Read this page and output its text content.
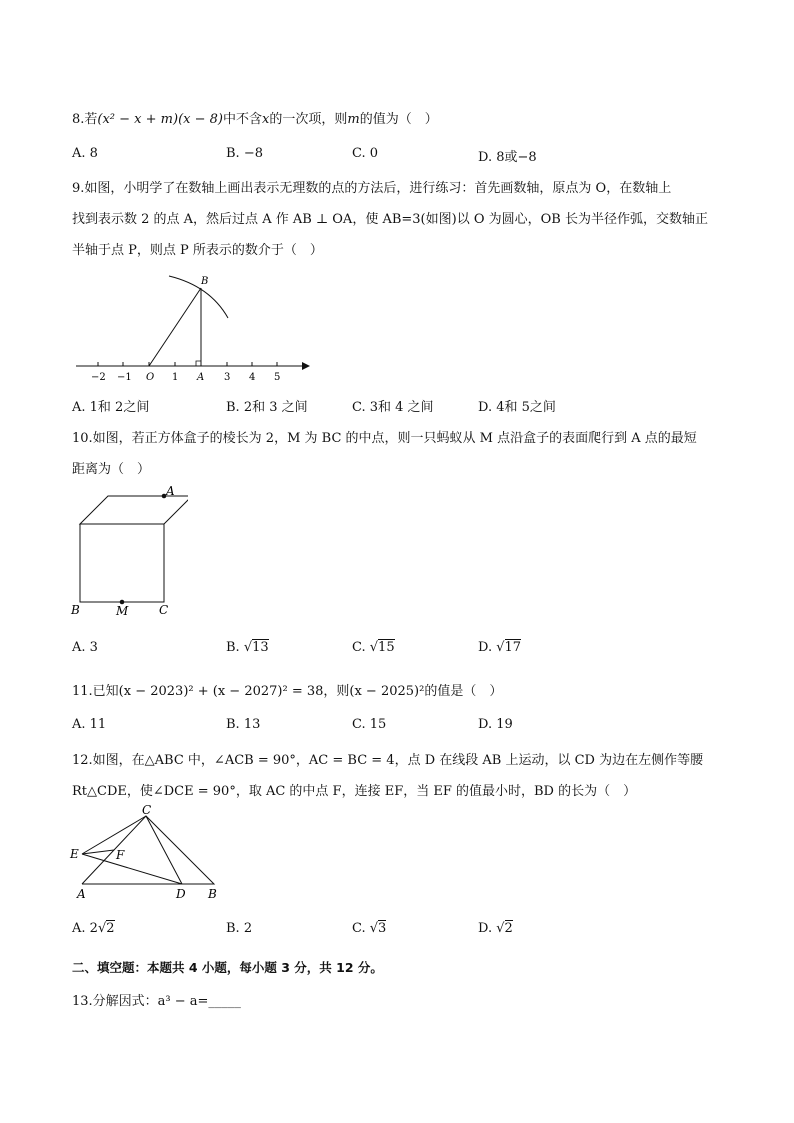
8.若(x² − x + m)(x − 8)中不含x的一次项，则m的值为（　）
A. 8	B. −8	C. 0	D. 8或−8
9.如图，小明学了在数轴上画出表示无理数的点的方法后，进行练习：首先画数轴，原点为 O，在数轴上
找到表示数 2 的点 A，然后过点 A 作 AB ⊥ OA，使 AB=3(如图)以 O 为圆心，OB 长为半径作弧，交数轴正
半轴于点 P，则点 P 所表示的数介于（　）
B
−2 −1 O 1 A 3 4 5
A. 1和 2之间	B. 2和 3 之间	C. 3和 4 之间	D. 4和 5之间
10.如图，若正方体盒子的棱长为 2，M 为 BC 的中点，则一只蚂蚁从 M 点沿盒子的表面爬行到 A 点的最短
距离为（　）
A
B	M	C
A. 3	B. √13	C. √15	D. √17
11.已知(x − 2023)² + (x − 2027)² = 38，则(x − 2025)²的值是（　）
A. 11	B. 13	C. 15	D. 19
12.如图，在△ABC 中，∠ACB = 90°，AC = BC = 4，点 D 在线段 AB 上运动，以 CD 为边在左侧作等腰
Rt△CDE，使∠DCE = 90°，取 AC 的中点 F，连接 EF，当 EF 的值最小时，BD 的长为（　）
C
E	F
A	D B
A. 2√2	B. 2	C. √3	D. √2
二、填空题：本题共 4 小题，每小题 3 分，共 12 分。
13.分解因式：a³ − a=_____
